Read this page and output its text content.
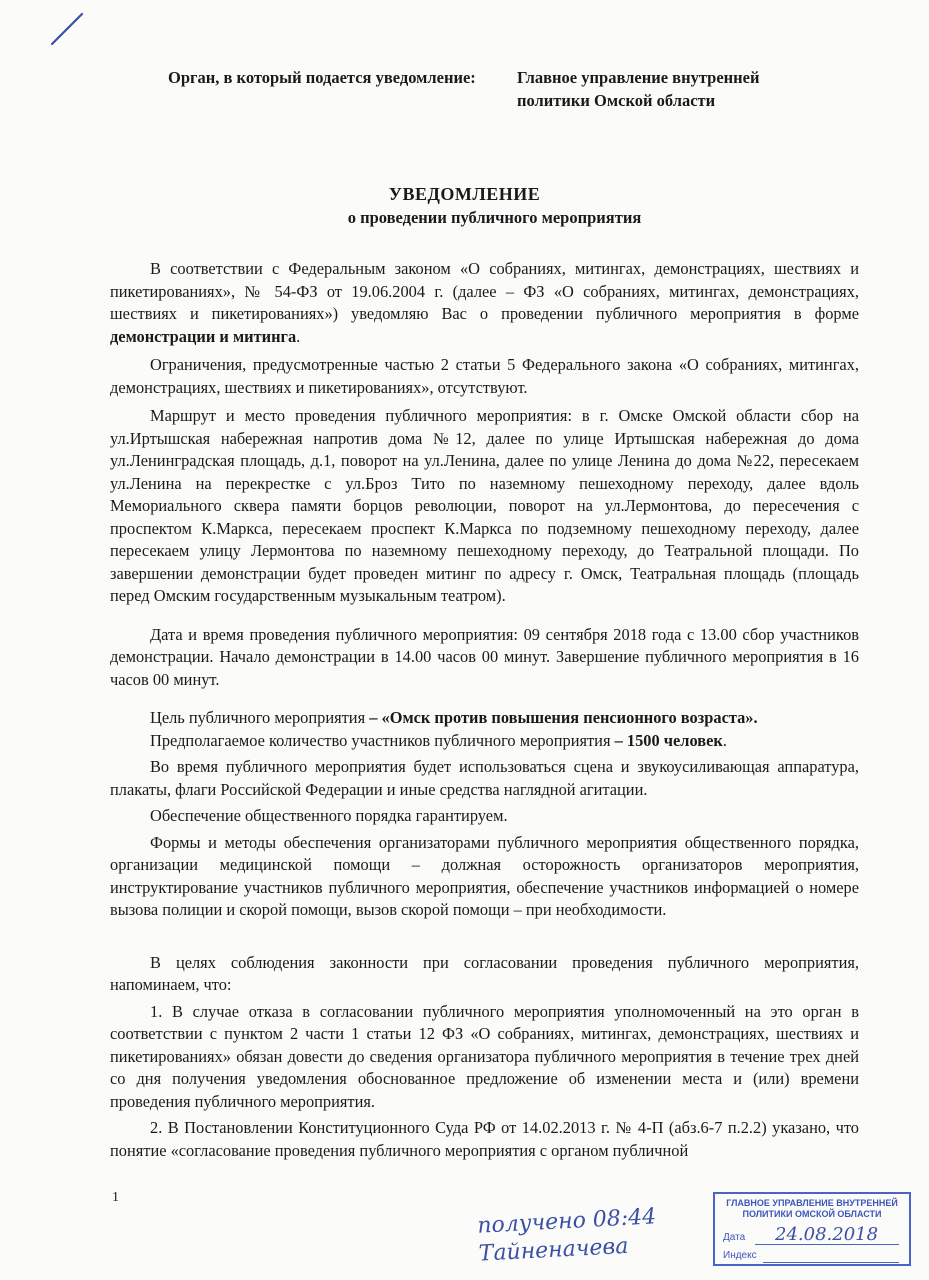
Орган, в который подается уведомление: Главное управление внутренней
политики Омской области
УВЕДОМЛЕНИЕ
о проведении публичного мероприятия

В соответствии с Федеральным законом «О собраниях, митингах, демонстрациях, шествиях и пикетированиях», № 54-ФЗ от 19.06.2004 г. (далее – ФЗ «О собраниях, митингах, демонстрациях, шествиях и пикетированиях») уведомляю Вас о проведении публичного мероприятия в форме демонстрации и митинга.

Ограничения, предусмотренные частью 2 статьи 5 Федерального закона «О собраниях, митингах, демонстрациях, шествиях и пикетированиях», отсутствуют.

Маршрут и место проведения публичного мероприятия: в г. Омске Омской области сбор на ул.Иртышская набережная напротив дома №12, далее по улице Иртышская набережная до дома ул.Ленинградская площадь, д.1, поворот на ул.Ленина, далее по улице Ленина до дома №22, пересекаем ул.Ленина на перекрестке с ул.Броз Тито по наземному пешеходному переходу, далее вдоль Мемориального сквера памяти борцов революции, поворот на ул.Лермонтова, до пересечения с проспектом К.Маркса, пересекаем проспект К.Маркса по подземному пешеходному переходу, далее пересекаем улицу Лермонтова по наземному пешеходному переходу, до Театральной площади. По завершении демонстрации будет проведен митинг по адресу г. Омск, Театральная площадь (площадь перед Омским государственным музыкальным театром).

Дата и время проведения публичного мероприятия: 09 сентября 2018 года с 13.00 сбор участников демонстрации. Начало демонстрации в 14.00 часов 00 минут. Завершение публичного мероприятия в 16 часов 00 минут.

Цель публичного мероприятия – «Омск против повышения пенсионного возраста».

Предполагаемое количество участников публичного мероприятия – 1500 человек.

Во время публичного мероприятия будет использоваться сцена и звукоусиливающая аппаратура, плакаты, флаги Российской Федерации и иные средства наглядной агитации.

Обеспечение общественного порядка гарантируем.

Формы и методы обеспечения организаторами публичного мероприятия общественного порядка, организации медицинской помощи – должная осторожность организаторов мероприятия, инструктирование участников публичного мероприятия, обеспечение участников информацией о номере вызова полиции и скорой помощи, вызов скорой помощи – при необходимости.

В целях соблюдения законности при согласовании проведения публичного мероприятия, напоминаем, что:

1. В случае отказа в согласовании публичного мероприятия уполномоченный на это орган в соответствии с пунктом 2 части 1 статьи 12 ФЗ «О собраниях, митингах, демонстрациях, шествиях и пикетированиях» обязан довести до сведения организатора публичного мероприятия в течение трех дней со дня получения уведомления обоснованное предложение об изменении места и (или) времени проведения публичного мероприятия.

2. В Постановлении Конституционного Суда РФ от 14.02.2013 г. № 4-П (абз.6-7 п.2.2) указано, что понятие «согласование проведения публичного мероприятия с органом публичной

1
получено 08:44
Тайненачева
ГЛАВНОЕ УПРАВЛЕНИЕ ВНУТРЕННЕЙ
ПОЛИТИКИ ОМСКОЙ ОБЛАСТИ
Дата 24.08.2018
Индекс
